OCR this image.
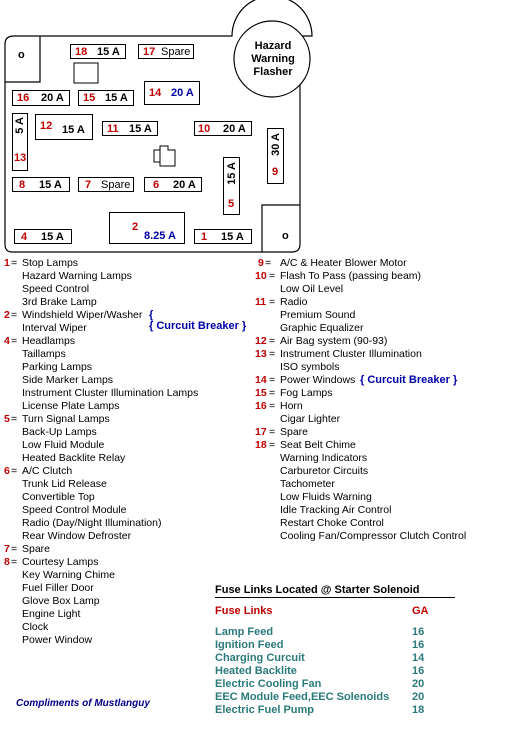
o
o
Hazard
Warning
Flasher
18 15 A 17 Spare
16 20 A 15 15 A 14 20 A
12 15 A 11 15 A	10 20 A
5 A
13
30 A
9
15 A
5
8 15 A 7 Spare 6 20 A
4 15 A
2
8.25 A 1 15 A
1 = Stop Lamps
Hazard Warning Lamps
Speed Control
3rd Brake Lamp
2 = Windshield Wiper/Washer
Interval Wiper
4 = Headlamps
Taillamps
Parking Lamps
Side Marker Lamps
Instrument Cluster Illumination Lamps
License Plate Lamps
5 = Turn Signal Lamps
Back-Up Lamps
Low Fluid Module
Heated Backlite Relay
6 = A/C Clutch
Trunk Lid Release
Convertible Top
Speed Control Module
Radio (Day/Night Illumination)
Rear Window Defroster
7 = Spare
8 = Courtesy Lamps
Key Warning Chime
Fuel Filler Door
Glove Box Lamp
Engine Light
Clock
Power Window
9 = A/C & Heater Blower Motor
10 = Flash To Pass (passing beam)
Low Oil Level
11 = Radio
Premium Sound
Graphic Equalizer
12 = Air Bag system (90-93)
13 = Instrument Cluster Illumination
ISO symbols
14 = Power Windows
15 = Fog Lamps
16 = Horn
Cigar Lighter
17 = Spare
18 = Seat Belt Chime
Warning Indicators
Carburetor Circuits
Tachometer
Low Fluids Warning
Idle Tracking Air Control
Restart Choke Control
Cooling Fan/Compressor Clutch Control
{
{ Curcuit Breaker }
{ Curcuit Breaker }
Fuse Links Located @ Starter Solenoid
Fuse Links	GA
Lamp Feed	16
Ignition Feed	16
Charging Curcuit	14
Heated Backlite	16
Electric Cooling Fan	20
EEC Module Feed,EEC Solenoids 20
Electric Fuel Pump	18
Compliments of Mustlanguy
